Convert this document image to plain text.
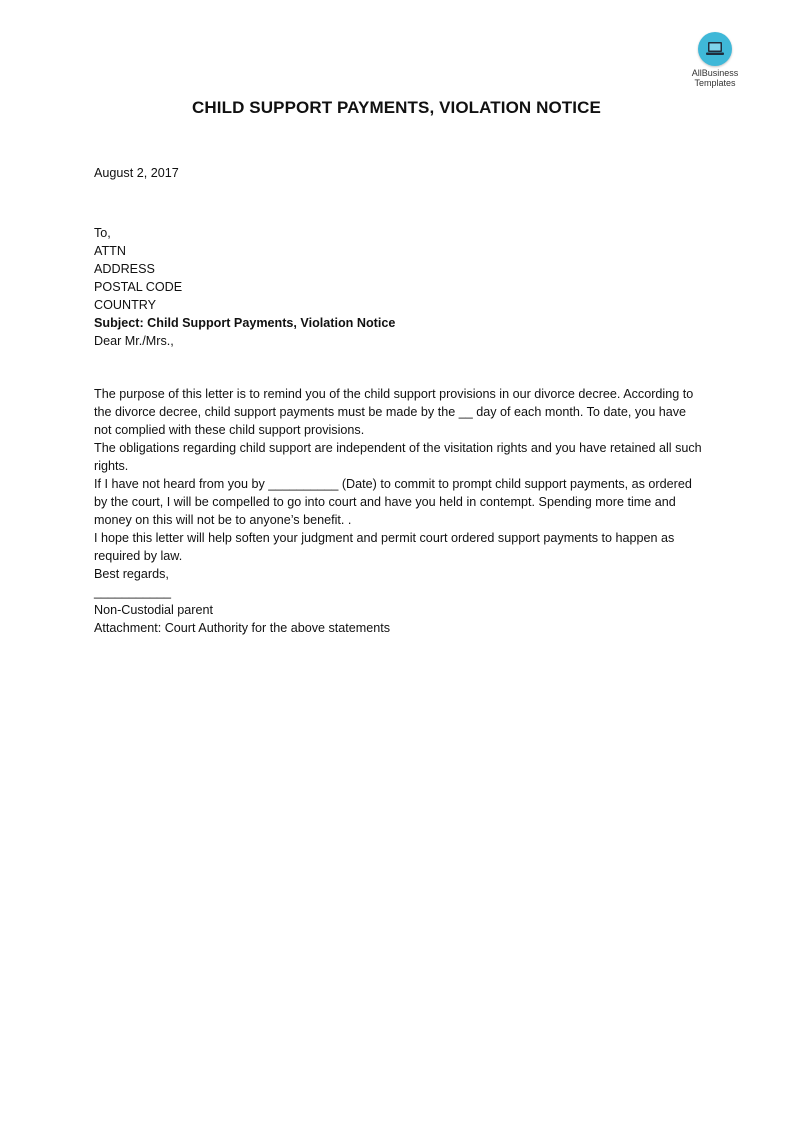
AllBusiness
Templates
CHILD SUPPORT PAYMENTS, VIOLATION NOTICE

August 2, 2017

To,

ATTN

ADDRESS

POSTAL CODE

COUNTRY

Subject: Child Support Payments, Violation Notice

Dear Mr./Mrs.,

The purpose of this letter is to remind you of the child support provisions in our divorce decree. According to the divorce decree, child support payments must be made by the __ day of each month. To date, you have not complied with these child support provisions.

The obligations regarding child support are independent of the visitation rights and you have retained all such rights.

If I have not heard from you by __________ (Date) to commit to prompt child support payments, as ordered by the court, I will be compelled to go into court and have you held in contempt. Spending more time and money on this will not be to anyone’s benefit. .

I hope this letter will help soften your judgment and permit court ordered support payments to happen as required by law.

Best regards,

___________

Non-Custodial parent

Attachment: Court Authority for the above statements
